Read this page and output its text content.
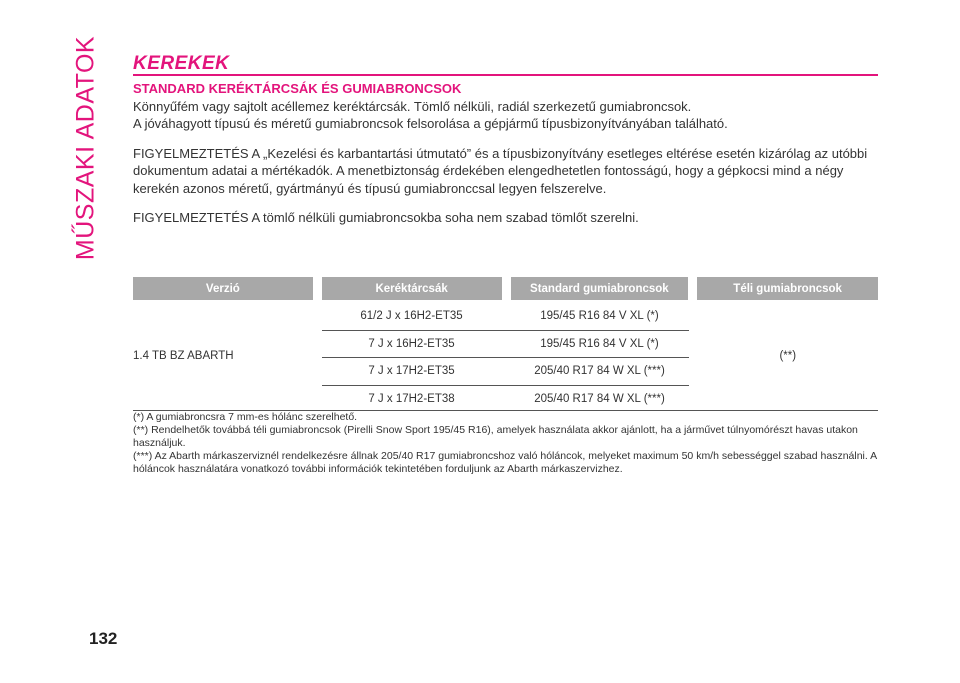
MŰSZAKI ADATOK
132
KEREKEK

STANDARD KERÉKTÁRCSÁK ÉS GUMIABRONCSOK

Könnyűfém vagy sajtolt acéllemez keréktárcsák. Tömlő nélküli, radiál szerkezetű gumiabroncsok.

A jóváhagyott típusú és méretű gumiabroncsok felsorolása a gépjármű típusbizonyítványában található.

FIGYELMEZTETÉS A „Kezelési és karbantartási útmutató” és a típusbizonyítvány esetleges eltérése esetén kizárólag az utóbbi dokumentum adatai a mértékadók. A menetbiztonság érdekében elengedhetetlen fontosságú, hogy a gépkocsi mind a négy kerekén azonos méretű, gyártmányú és típusú gumiabronccsal legyen felszerelve.

FIGYELMEZTETÉS A tömlő nélküli gumiabroncsokba soha nem szabad tömlőt szerelni.

Verzió	Keréktárcsák	Standard gumiabroncsok	Téli gumiabroncsok
1.4 TB BZ ABARTH
61/2 J x 16H2-ET35	195/45 R16 84 V XL (*)
7 J x 16H2-ET35	195/45 R16 84 V XL (*)
7 J x 17H2-ET35	205/40 R17 84 W XL (***)
7 J x 17H2-ET38	205/40 R17 84 W XL (***)
(**)

(*) A gumiabroncsra 7 mm-es hólánc szerelhető.

(**) Rendelhetők továbbá téli gumiabroncsok (Pirelli Snow Sport 195/45 R16), amelyek használata akkor ajánlott, ha a járművet túlnyomórészt havas utakon használjuk.

(***) Az Abarth márkaszerviznél rendelkezésre állnak 205/40 R17 gumiabroncshoz való hóláncok, melyeket maximum 50 km/h sebességgel szabad használni. A hóláncok használatára vonatkozó további információk tekintetében forduljunk az Abarth márkaszervizhez.
